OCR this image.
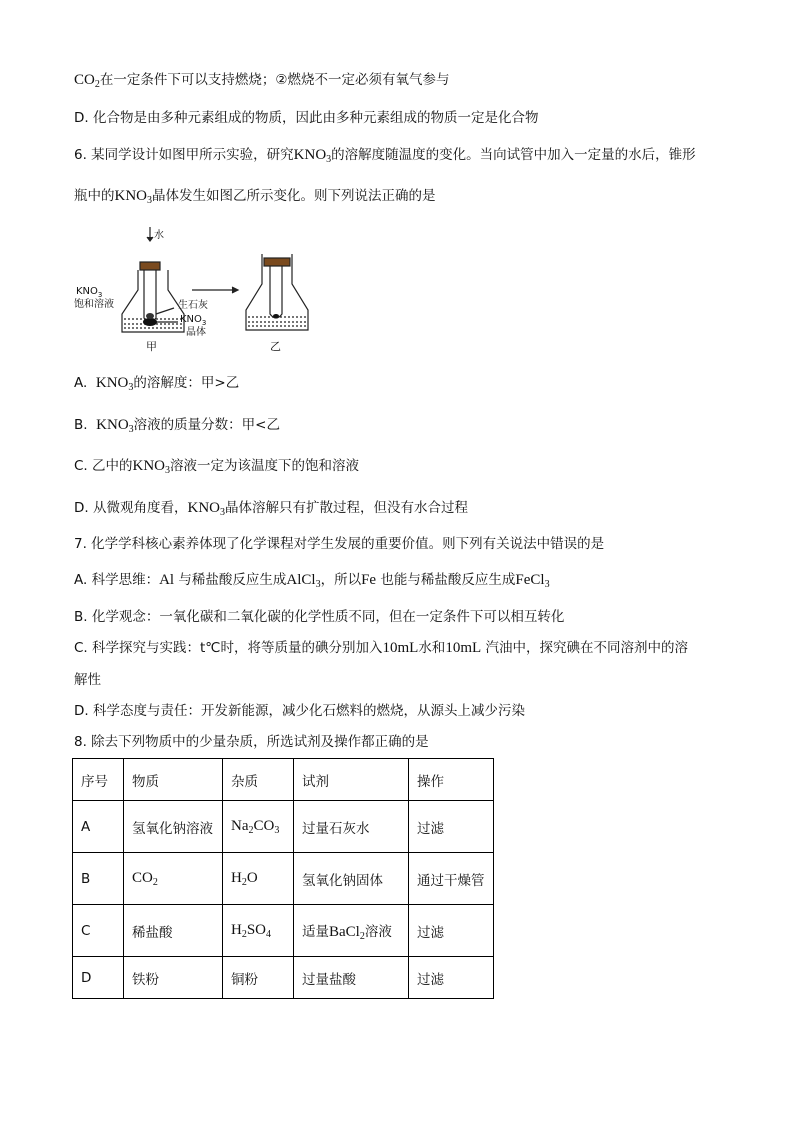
$CO_2$在一定条件下可以支持燃烧；②燃烧不一定必须有氧气参与
D. 化合物是由多种元素组成的物质，因此由多种元素组成的物质一定是化合物
6. 某同学设计如图甲所示实验，研究$KNO_3$的溶解度随温度的变化。当向试管中加入一定量的水后，锥形
瓶中的$KNO_3$晶体发生如图乙所示变化。则下列说法正确的是
水
$KNO_3$
饱和溶液	生石灰
$KNO_3$
晶体
甲	乙
A. $KNO_3$的溶解度：甲>乙
B. $KNO_3$溶液的质量分数：甲<乙
C. 乙中的$KNO_3$溶液一定为该温度下的饱和溶液
D. 从微观角度看，$KNO_3$晶体溶解只有扩散过程，但没有水合过程
7. 化学学科核心素养体现了化学课程对学生发展的重要价值。则下列有关说法中错误的是
A. 科学思维：Al 与稀盐酸反应生成AlCl$_3$，所以Fe 也能与稀盐酸反应生成FeCl$_3$
B. 化学观念：一氧化碳和二氧化碳的化学性质不同，但在一定条件下可以相互转化
C. 科学探究与实践：t℃时，将等质量的碘分别加入10mL水和10mL 汽油中，探究碘在不同溶剂中的溶
解性
D. 科学态度与责任：开发新能源，减少化石燃料的燃烧，从源头上减少污染
8. 除去下列物质中的少量杂质，所选试剂及操作都正确的是
序号	物质	杂质	试剂	操作
A	氢氧化钠溶液	$Na_2CO_3$	过量石灰水	过滤
B	$CO_2$	$H_2O$	氢氧化钠固体	通过干燥管
C	稀盐酸	$H_2SO_4$	适量BaCl$_2$溶液	过滤
D	铁粉	铜粉	过量盐酸	过滤
